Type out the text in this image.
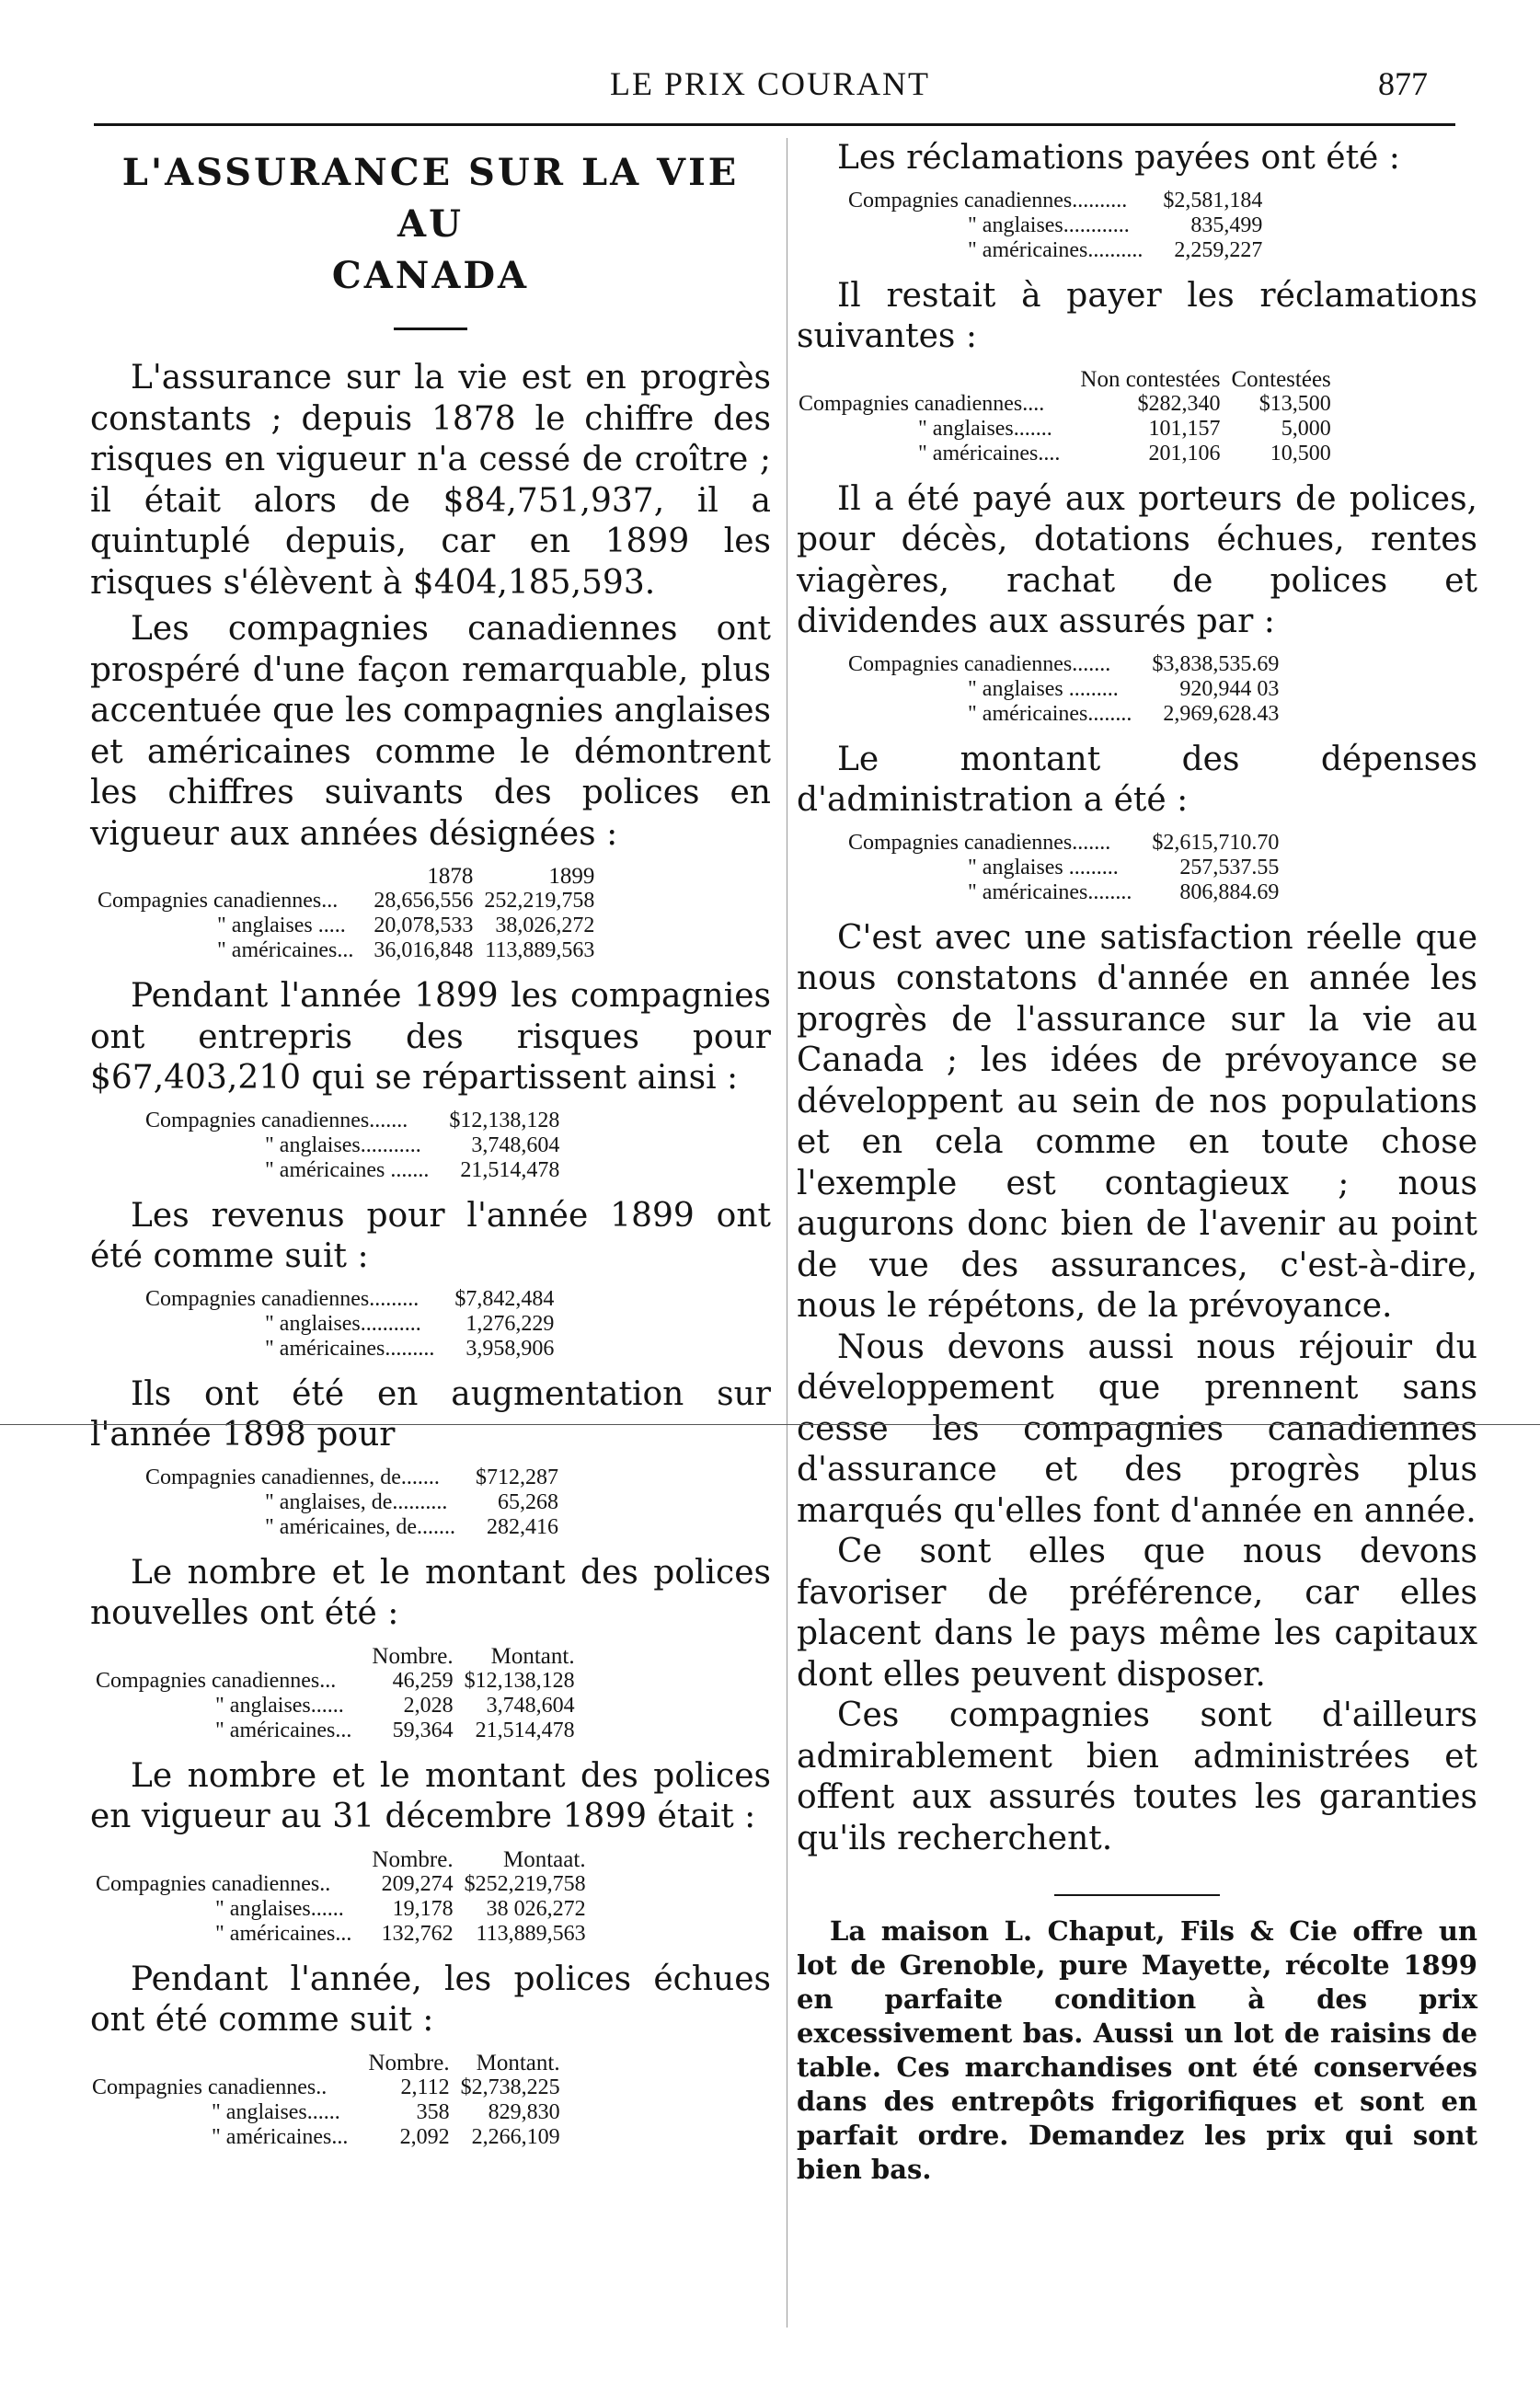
LE PRIX COURANT	877
L'ASSURANCE SUR LA VIE AU
CANADA

L'assurance sur la vie est en progrès constants ; depuis 1878 le chiffre des risques en vigueur n'a cessé de croître ; il était alors de $84,751,937, il a quintuplé depuis, car en 1899 les risques s'élèvent à $404,185,593.

Les compagnies canadiennes ont prospéré d'une façon remarquable, plus accentuée que les compagnies anglaises et américaines comme le démontrent les chiffres suivants des polices en vigueur aux années désignées :

	1878	1899
Compagnies canadiennes...	28,656,556	252,219,758
" anglaises .....	20,078,533	38,026,272
" américaines...	36,016,848	113,889,563

Pendant l'année 1899 les compagnies ont entrepris des risques pour $67,403,210 qui se répartissent ainsi :

Compagnies canadiennes.......	$12,138,128
" anglaises...........	3,748,604
" américaines .......	21,514,478

Les revenus pour l'année 1899 ont été comme suit :

Compagnies canadiennes.........	$7,842,484
" anglaises...........	1,276,229
" américaines.........	3,958,906

Ils ont été en augmentation sur l'année 1898 pour

Compagnies canadiennes, de.......	$712,287
" anglaises, de..........	65,268
" américaines, de.......	282,416

Le nombre et le montant des polices nouvelles ont été :

	Nombre.	Montant.
Compagnies canadiennes...	46,259	$12,138,128
" anglaises......	2,028	3,748,604
" américaines...	59,364	21,514,478

Le nombre et le montant des polices en vigueur au 31 décembre 1899 était :

	Nombre.	Montaat.
Compagnies canadiennes..	209,274	$252,219,758
" anglaises......	19,178	38 026,272
" américaines...	132,762	113,889,563

Pendant l'année, les polices échues ont été comme suit :

	Nombre.	Montant.
Compagnies canadiennes..	2,112	$2,738,225
" anglaises......	358	829,830
" américaines...	2,092	2,266,109

Les réclamations payées ont été :

Compagnies canadiennes..........	$2,581,184
" anglaises............	835,499
" américaines..........	2,259,227

Il restait à payer les réclamations suivantes :

	Non contestées	Contestées
Compagnies canadiennes....	$282,340	$13,500
" anglaises.......	101,157	5,000
" américaines....	201,106	10,500

Il a été payé aux porteurs de polices, pour décès, dotations échues, rentes viagères, rachat de polices et dividendes aux assurés par :

Compagnies canadiennes.......	$3,838,535.69
" anglaises .........	920,944 03
" américaines........	2,969,628.43

Le montant des dépenses d'administration a été :

Compagnies canadiennes.......	$2,615,710.70
" anglaises .........	257,537.55
" américaines........	806,884.69

C'est avec une satisfaction réelle que nous constatons d'année en année les progrès de l'assurance sur la vie au Canada ; les idées de prévoyance se développent au sein de nos populations et en cela comme en toute chose l'exemple est contagieux ; nous augurons donc bien de l'avenir au point de vue des assurances, c'est-à-dire, nous le répétons, de la prévoyance.

Nous devons aussi nous réjouir du développement que prennent sans cesse les compagnies canadiennes d'assurance et des progrès plus marqués qu'elles font d'année en année.

Ce sont elles que nous devons favoriser de préférence, car elles placent dans le pays même les capitaux dont elles peuvent disposer.

Ces compagnies sont d'ailleurs admirablement bien administrées et offent aux assurés toutes les garanties qu'ils recherchent.

La maison L. Chaput, Fils & Cie offre un lot de Grenoble, pure Mayette, récolte 1899 en parfaite condition à des prix excessivement bas. Aussi un lot de raisins de table. Ces marchandises ont été conservées dans des entrepôts frigorifiques et sont en parfait ordre. Demandez les prix qui sont bien bas.
